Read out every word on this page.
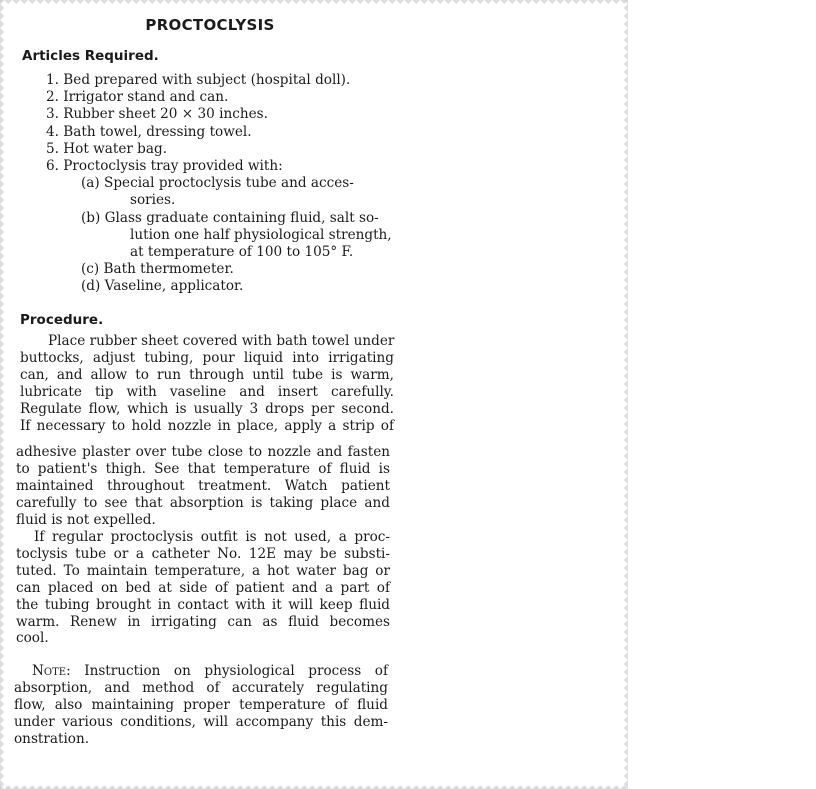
PROCTOCLYSIS
Articles Required.
1. Bed prepared with subject (hospital doll).
2. Irrigator stand and can.
3. Rubber sheet 20 × 30 inches.
4. Bath towel, dressing towel.
5. Hot water bag.
6. Proctoclysis tray provided with:
(a) Special proctoclysis tube and acces-
sories.
(b) Glass graduate containing fluid, salt so-
lution one half physiological strength,
at temperature of 100 to 105° F.
(c) Bath thermometer.
(d) Vaseline, applicator.
Procedure.
Place rubber sheet covered with bath towel under
buttocks, adjust tubing, pour liquid into irrigating
can, and allow to run through until tube is warm,
lubricate tip with vaseline and insert carefully.
Regulate flow, which is usually 3 drops per second.
If necessary to hold nozzle in place, apply a strip of
adhesive plaster over tube close to nozzle and fasten
to patient's thigh. See that temperature of fluid is
maintained throughout treatment. Watch patient
carefully to see that absorption is taking place and
fluid is not expelled.
If regular proctoclysis outfit is not used, a proc-
toclysis tube or a catheter No. 12E may be substi-
tuted. To maintain temperature, a hot water bag or
can placed on bed at side of patient and a part of
the tubing brought in contact with it will keep fluid
warm. Renew in irrigating can as fluid becomes
cool.
Note: Instruction on physiological process of
absorption, and method of accurately regulating
flow, also maintaining proper temperature of fluid
under various conditions, will accompany this dem-
onstration.
